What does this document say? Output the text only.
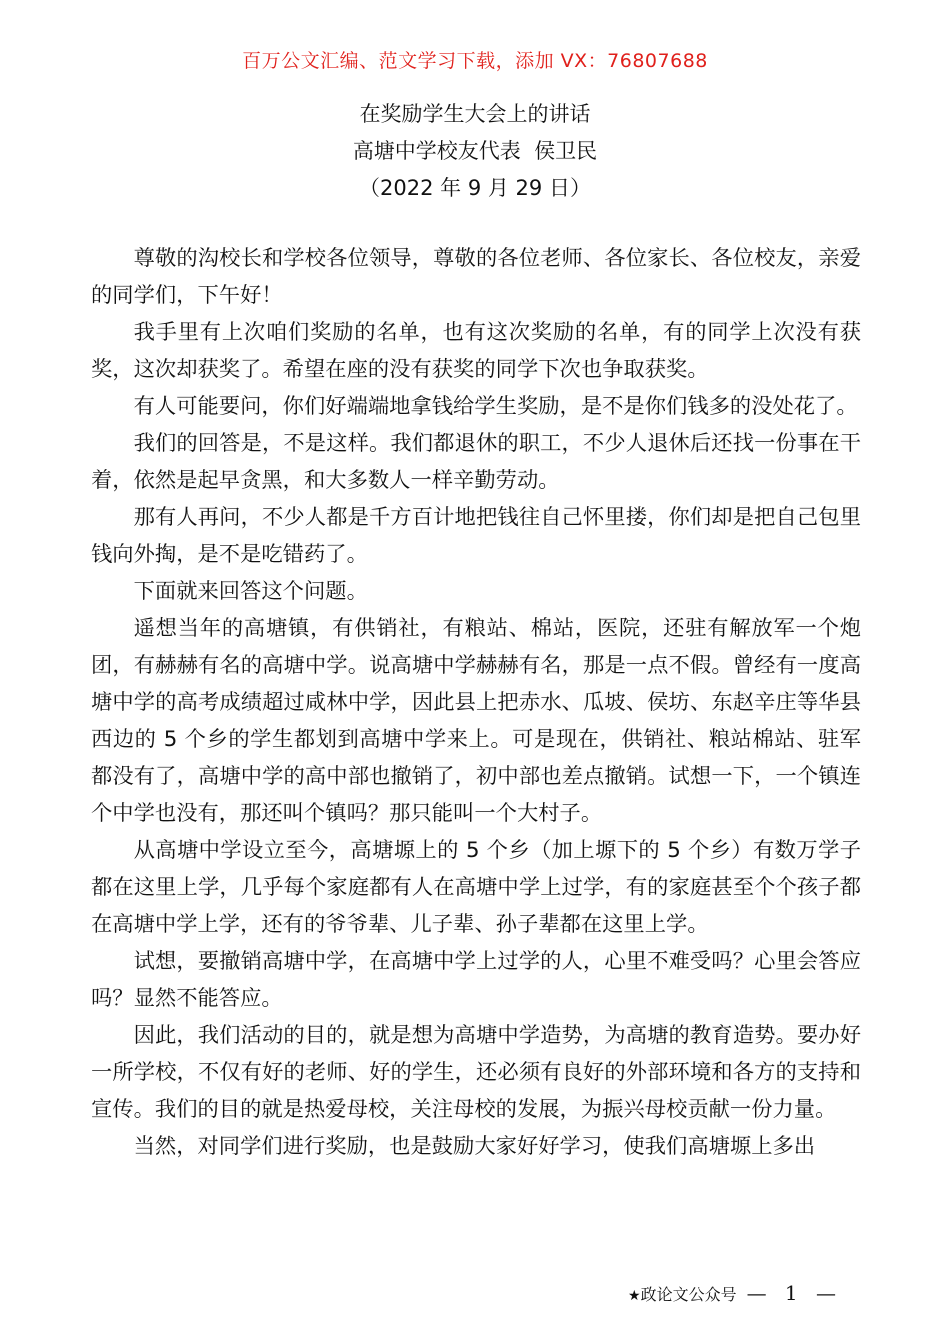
百万公文汇编、范文学习下载，添加 VX：76807688
在奖励学生大会上的讲话
高塘中学校友代表  侯卫民
（2022 年 9 月 29 日）

尊敬的沟校长和学校各位领导，尊敬的各位老师、各位家长、各位校友，亲爱的同学们，下午好！

我手里有上次咱们奖励的名单，也有这次奖励的名单，有的同学上次没有获奖，这次却获奖了。希望在座的没有获奖的同学下次也争取获奖。

有人可能要问，你们好端端地拿钱给学生奖励，是不是你们钱多的没处花了。

我们的回答是，不是这样。我们都退休的职工，不少人退休后还找一份事在干着，依然是起早贪黑，和大多数人一样辛勤劳动。

那有人再问，不少人都是千方百计地把钱往自己怀里搂，你们却是把自己包里钱向外掏，是不是吃错药了。

下面就来回答这个问题。

遥想当年的高塘镇，有供销社，有粮站、棉站，医院，还驻有解放军一个炮团，有赫赫有名的高塘中学。说高塘中学赫赫有名，那是一点不假。曾经有一度高塘中学的高考成绩超过咸林中学，因此县上把赤水、瓜坡、侯坊、东赵辛庄等华县西边的 5 个乡的学生都划到高塘中学来上。可是现在，供销社、粮站棉站、驻军都没有了，高塘中学的高中部也撤销了，初中部也差点撤销。试想一下，一个镇连个中学也没有，那还叫个镇吗？那只能叫一个大村子。

从高塘中学设立至今，高塘塬上的 5 个乡（加上塬下的 5 个乡）有数万学子都在这里上学，几乎每个家庭都有人在高塘中学上过学，有的家庭甚至个个孩子都在高塘中学上学，还有的爷爷辈、儿子辈、孙子辈都在这里上学。

试想，要撤销高塘中学，在高塘中学上过学的人，心里不难受吗？心里会答应吗？显然不能答应。

因此，我们活动的目的，就是想为高塘中学造势，为高塘的教育造势。要办好一所学校，不仅有好的老师、好的学生，还必须有良好的外部环境和各方的支持和宣传。我们的目的就是热爱母校，关注母校的发展，为振兴母校贡献一份力量。

当然，对同学们进行奖励，也是鼓励大家好好学习，使我们高塘塬上多出

★政论文公众号 — 1 —
